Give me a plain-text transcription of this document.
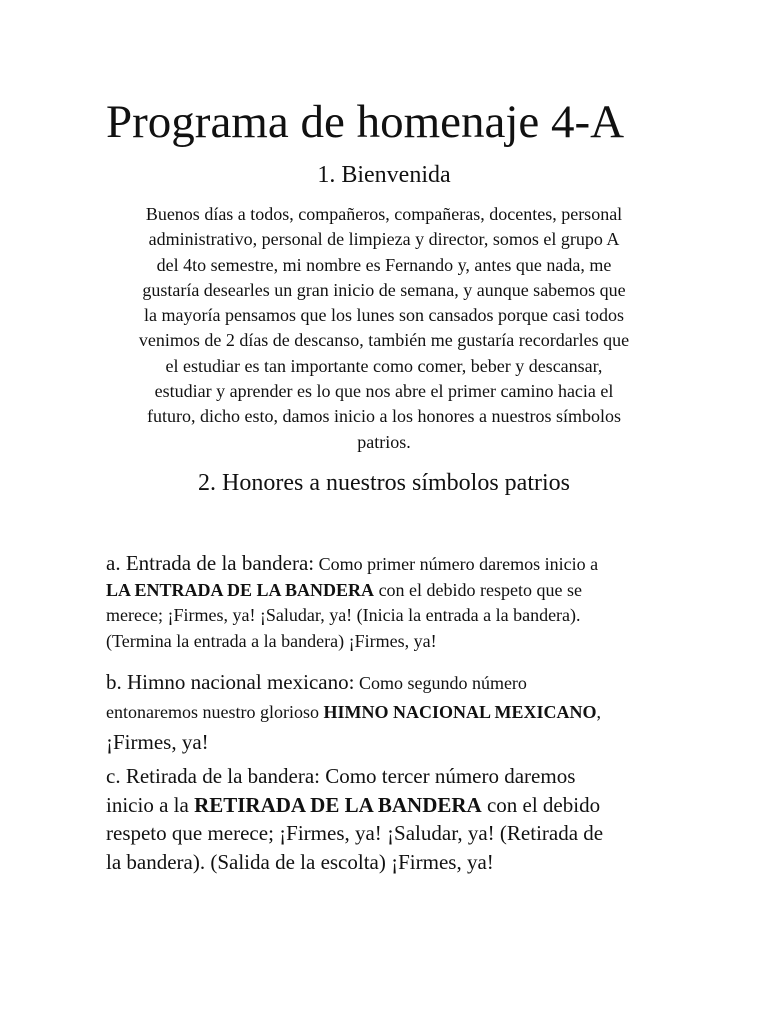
Programa de homenaje 4-A
1. Bienvenida

Buenos días a todos, compañeros, compañeras, docentes, personal
administrativo, personal de limpieza y director, somos el grupo A
del 4to semestre, mi nombre es Fernando y, antes que nada, me
gustaría desearles un gran inicio de semana, y aunque sabemos que
la mayoría pensamos que los lunes son cansados porque casi todos
venimos de 2 días de descanso, también me gustaría recordarles que
el estudiar es tan importante como comer, beber y descansar,
estudiar y aprender es lo que nos abre el primer camino hacia el
futuro, dicho esto, damos inicio a los honores a nuestros símbolos
patrios.

2. Honores a nuestros símbolos patrios

a. Entrada de la bandera: Como primer número daremos inicio a
LA ENTRADA DE LA BANDERA con el debido respeto que se
merece; ¡Firmes, ya! ¡Saludar, ya! (Inicia la entrada a la bandera).
(Termina la entrada a la bandera) ¡Firmes, ya!

b. Himno nacional mexicano: Como segundo número
entonaremos nuestro glorioso HIMNO NACIONAL MEXICANO,
¡Firmes, ya!

c. Retirada de la bandera: Como tercer número daremos
inicio a la RETIRADA DE LA BANDERA con el debido
respeto que merece; ¡Firmes, ya! ¡Saludar, ya! (Retirada de
la bandera). (Salida de la escolta) ¡Firmes, ya!
